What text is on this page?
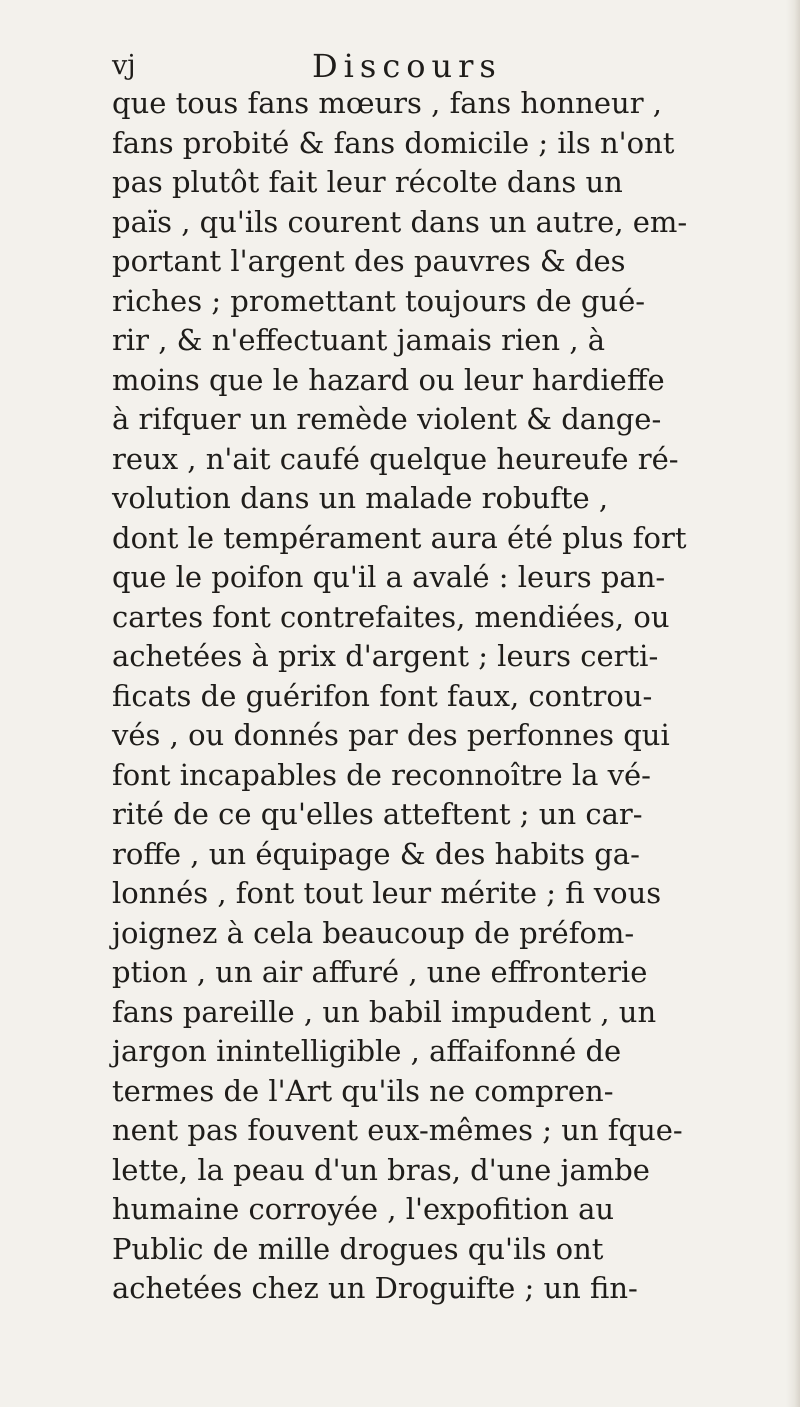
vj	Discours
que tous fans mœurs , fans honneur ,
fans probité & fans domicile ; ils n'ont
pas plutôt fait leur récolte dans un
païs , qu'ils courent dans un autre, em-
portant l'argent des pauvres & des
riches ; promettant toujours de gué-
rir , & n'effectuant jamais rien , à
moins que le hazard ou leur hardieffe
à rifquer un remède violent & dange-
reux , n'ait caufé quelque heureufe ré-
volution dans un malade robufte ,
dont le tempérament aura été plus fort
que le poifon qu'il a avalé : leurs pan-
cartes font contrefaites, mendiées, ou
achetées à prix d'argent ; leurs certi-
ficats de guérifon font faux, controu-
vés , ou donnés par des perfonnes qui
font incapables de reconnoître la vé-
rité de ce qu'elles atteftent ; un car-
roffe , un équipage & des habits ga-
lonnés , font tout leur mérite ; fi vous
joignez à cela beaucoup de préfom-
ption , un air affuré , une effronterie
fans pareille , un babil impudent , un
jargon inintelligible , affaifonné de
termes de l'Art qu'ils ne compren-
nent pas fouvent eux-mêmes ; un fque-
lette, la peau d'un bras, d'une jambe
humaine corroyée , l'expofition au
Public de mille drogues qu'ils ont
achetées chez un Droguifte ; un fin-
